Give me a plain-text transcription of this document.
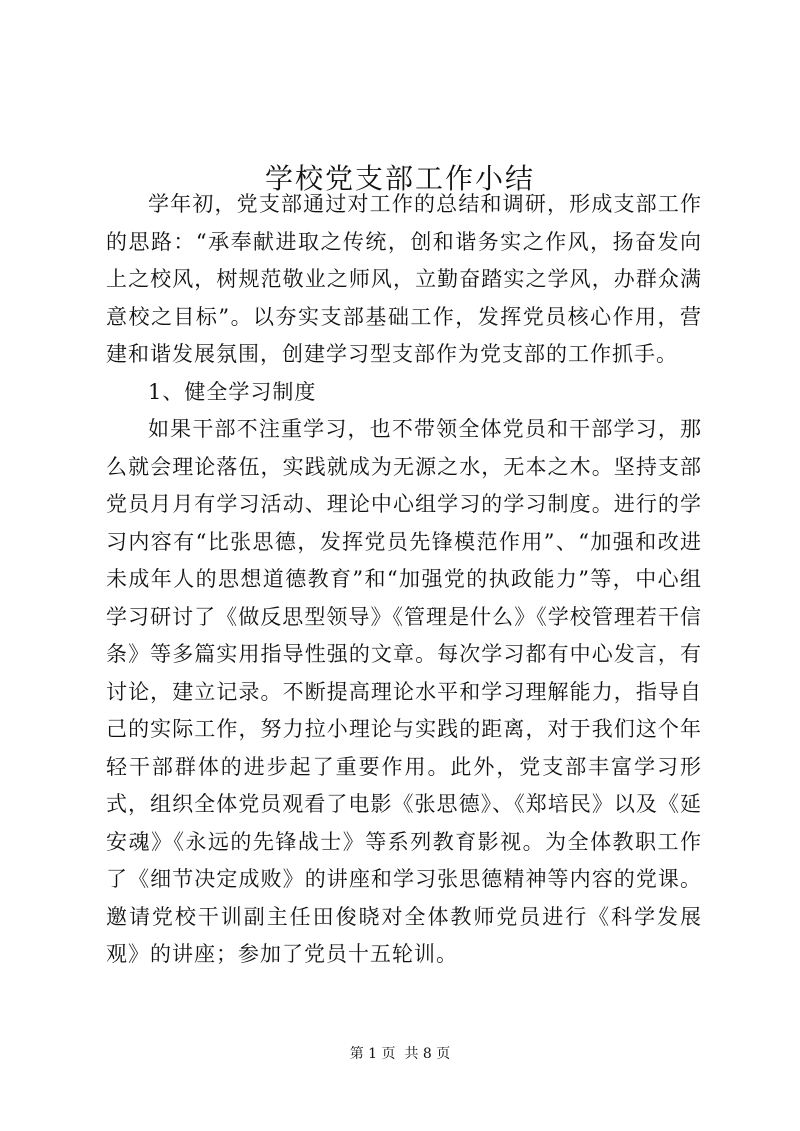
学校党支部工作小结

学年初，党支部通过对工作的总结和调研，形成支部工作的思路：“承奉献进取之传统，创和谐务实之作风，扬奋发向上之校风，树规范敬业之师风，立勤奋踏实之学风，办群众满意校之目标”。以夯实支部基础工作，发挥党员核心作用，营建和谐发展氛围，创建学习型支部作为党支部的工作抓手。

1、健全学习制度

如果干部不注重学习，也不带领全体党员和干部学习，那么就会理论落伍，实践就成为无源之水，无本之木。坚持支部党员月月有学习活动、理论中心组学习的学习制度。进行的学习内容有“比张思德，发挥党员先锋模范作用”、“加强和改进未成年人的思想道德教育”和“加强党的执政能力”等，中心组学习研讨了《做反思型领导》《管理是什么》《学校管理若干信条》等多篇实用指导性强的文章。每次学习都有中心发言，有讨论，建立记录。不断提高理论水平和学习理解能力，指导自己的实际工作，努力拉小理论与实践的距离，对于我们这个年轻干部群体的进步起了重要作用。此外，党支部丰富学习形式，组织全体党员观看了电影《张思德》、《郑培民》以及《延安魂》《永远的先锋战士》等系列教育影视。为全体教职工作了《细节决定成败》的讲座和学习张思德精神等内容的党课。邀请党校干训副主任田俊晓对全体教师党员进行《科学发展观》的讲座；参加了党员十五轮训。

第 1 页  共 8 页
